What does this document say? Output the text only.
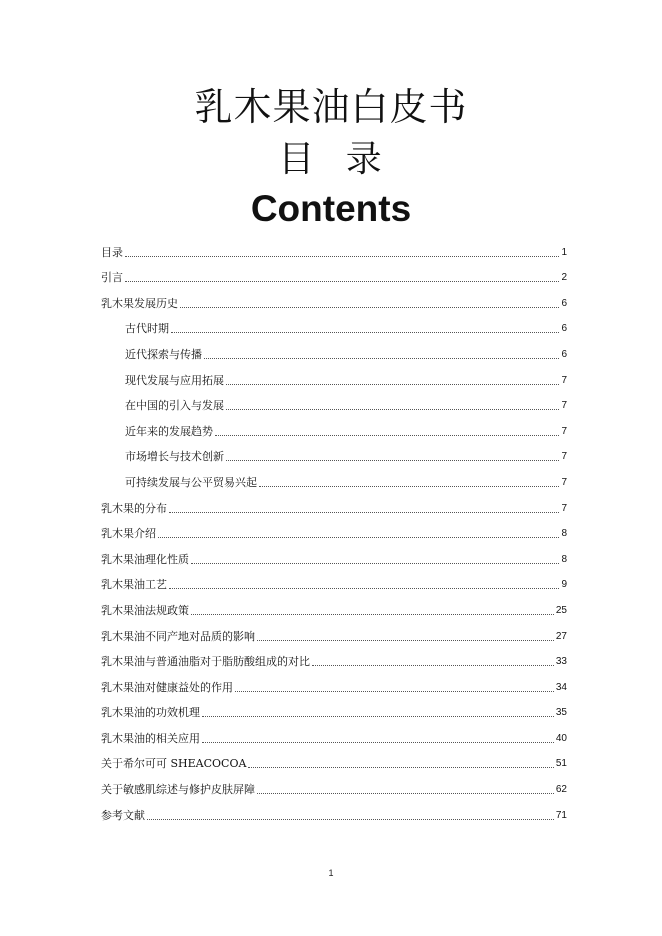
乳木果油白皮书
目 录
Contents
目录	1
引言	2
乳木果发展历史	6
古代时期	6
近代探索与传播	6
现代发展与应用拓展	7
在中国的引入与发展	7
近年来的发展趋势	7
市场增长与技术创新	7
可持续发展与公平贸易兴起	7
乳木果的分布	7
乳木果介绍	8
乳木果油理化性质	8
乳木果油工艺	9
乳木果油法规政策	25
乳木果油不同产地对品质的影响	27
乳木果油与普通油脂对于脂肪酸组成的对比	33
乳木果油对健康益处的作用	34
乳木果油的功效机理	35
乳木果油的相关应用	40
关于希尔可可 SHEACOCOA	51
关于敏感肌综述与修护皮肤屏障	62
参考文献	71
1
